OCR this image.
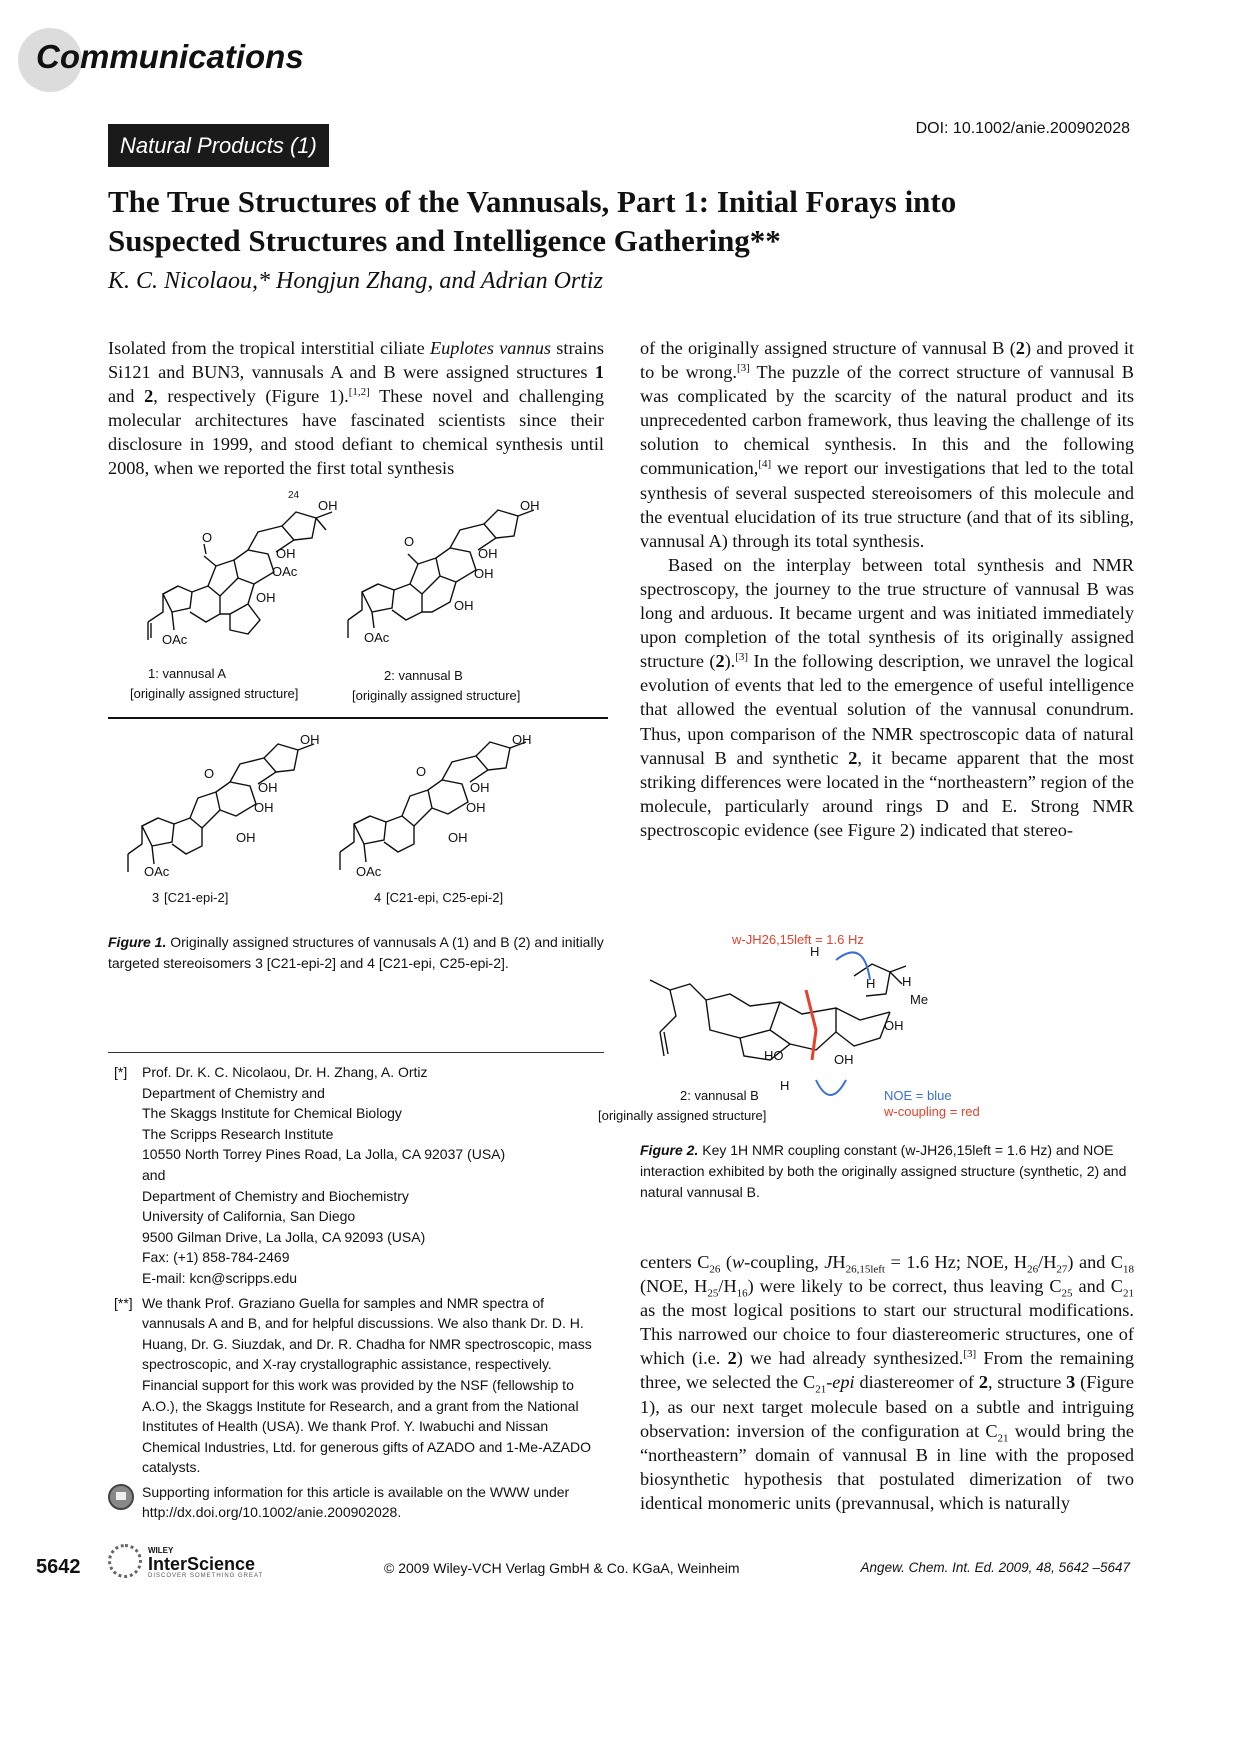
Communications
Natural Products (1)
DOI: 10.1002/anie.200902028
The True Structures of the Vannusals, Part 1: Initial Forays into
Suspected Structures and Intelligence Gathering**
K. C. Nicolaou,* Hongjun Zhang, and Adrian Ortiz

Isolated from the tropical interstitial ciliate Euplotes vannus strains Si121 and BUN3, vannusals A and B were assigned structures 1 and 2, respectively (Figure 1).[1,2] These novel and challenging molecular architectures have fascinated scientists since their disclosure in 1999, and stood defiant to chemical synthesis until 2008, when we reported the first total synthesis

24
OH
OH
OAc
OH
OAc
O
1: vannusal A
[originally assigned structure]
OH
OH
OH
OH
OAc
O
2: vannusal B
[originally assigned structure]
OH
OH
OH
OH
OAc
O
3 [C21-epi-2]
OH
OH
OH
OH
OAc
O
4 [C21-epi, C25-epi-2]
Figure 1. Originally assigned structures of vannusals A (1) and B (2) and initially targeted stereoisomers 3 [C21-epi-2] and 4 [C21-epi, C25-epi-2].
[*] Prof. Dr. K. C. Nicolaou, Dr. H. Zhang, A. Ortiz
Department of Chemistry and
The Skaggs Institute for Chemical Biology
The Scripps Research Institute
10550 North Torrey Pines Road, La Jolla, CA 92037 (USA)
and
Department of Chemistry and Biochemistry
University of California, San Diego
9500 Gilman Drive, La Jolla, CA 92093 (USA)
Fax: (+1) 858-784-2469
E-mail: kcn@scripps.edu
[**] We thank Prof. Graziano Guella for samples and NMR spectra of vannusals A and B, and for helpful discussions. We also thank Dr. D. H. Huang, Dr. G. Siuzdak, and Dr. R. Chadha for NMR spectroscopic, mass spectroscopic, and X-ray crystallographic assistance, respectively. Financial support for this work was provided by the NSF (fellowship to A.O.), the Skaggs Institute for Research, and a grant from the National Institutes of Health (USA). We thank Prof. Y. Iwabuchi and Nissan Chemical Industries, Ltd. for generous gifts of AZADO and 1-Me-AZADO catalysts.
Supporting information for this article is available on the WWW under http://dx.doi.org/10.1002/anie.200902028.

of the originally assigned structure of vannusal B (2) and proved it to be wrong.[3] The puzzle of the correct structure of vannusal B was complicated by the scarcity of the natural product and its unprecedented carbon framework, thus leaving the challenge of its solution to chemical synthesis. In this and the following communication,[4] we report our investigations that led to the total synthesis of several suspected stereoisomers of this molecule and the eventual elucidation of its true structure (and that of its sibling, vannusal A) through its total synthesis.

Based on the interplay between total synthesis and NMR spectroscopy, the journey to the true structure of vannusal B was long and arduous. It became urgent and was initiated immediately upon completion of the total synthesis of its originally assigned structure (2).[3] In the following description, we unravel the logical evolution of events that led to the emergence of useful intelligence that allowed the eventual solution of the vannusal conundrum. Thus, upon comparison of the NMR spectroscopic data of natural vannusal B and synthetic 2, it became apparent that the most striking differences were located in the “northeastern” region of the molecule, particularly around rings D and E. Strong NMR spectroscopic evidence (see Figure 2) indicated that stereo-

w-JH26,15left = 1.6 Hz
H
H H
Me
OH
OH
HO
H
2: vannusal B
[originally assigned structure]
NOE = blue
w-coupling = red
Figure 2. Key 1H NMR coupling constant (w-JH26,15left = 1.6 Hz) and NOE interaction exhibited by both the originally assigned structure (synthetic, 2) and natural vannusal B.

centers $C_{26}$ (w-coupling, $JH_{26,15left} = 1.6$ Hz; NOE, $H_{26}/H_{27}$) and $C_{18}$ (NOE, $H_{25}/H_{16}$) were likely to be correct, thus leaving $C_{25}$ and $C_{21}$ as the most logical positions to start our structural modifications. This narrowed our choice to four diastereomeric structures, one of which (i.e. 2) we had already synthesized.[3] From the remaining three, we selected the $C_{21}$-epi diastereomer of 2, structure 3 (Figure 1), as our next target molecule based on a subtle and intriguing observation: inversion of the configuration at $C_{21}$ would bring the “northeastern” domain of vannusal B in line with the proposed biosynthetic hypothesis that postulated dimerization of two identical monomeric units (prevannusal, which is naturally

5642
WILEY
InterScience
DISCOVER SOMETHING GREAT	© 2009 Wiley-VCH Verlag GmbH & Co. KGaA, Weinheim	Angew. Chem. Int. Ed. 2009, 48, 5642 –5647
